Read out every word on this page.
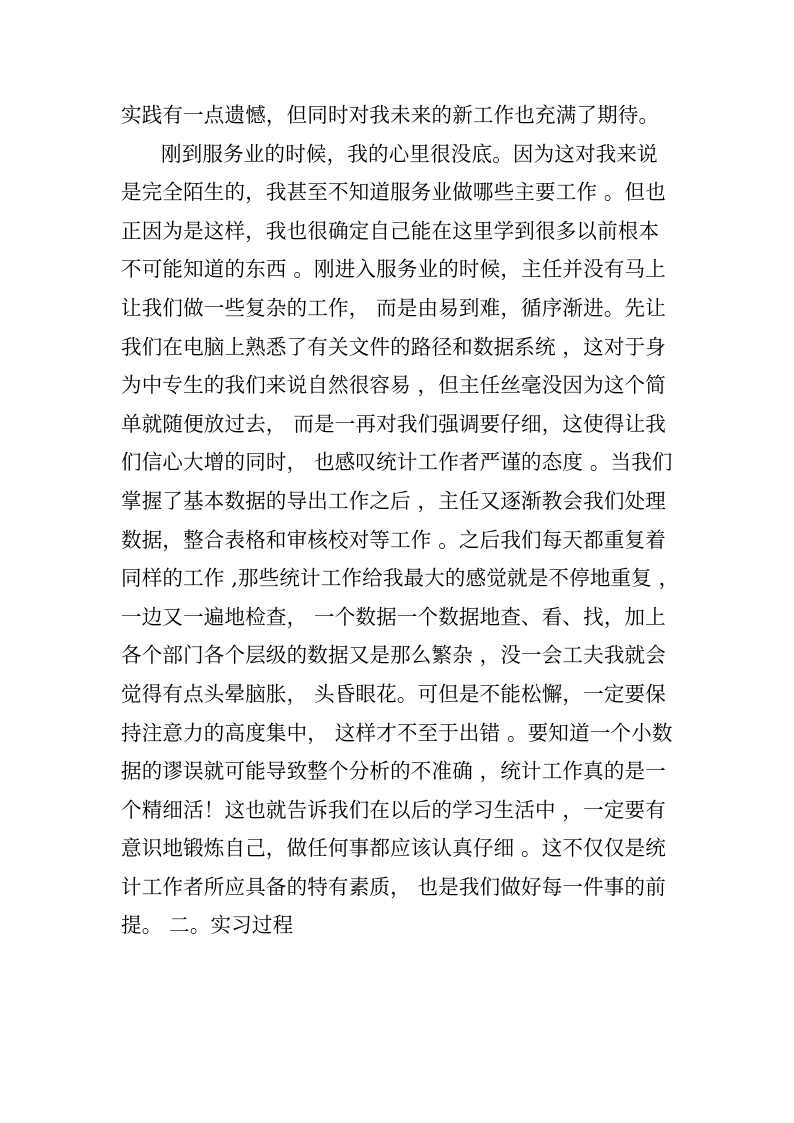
实践有一点遗憾，但同时对我未来的新工作也充满了期待。
刚到服务业的时候，我的心里很没底。因为这对我来说
是完全陌生的，我甚至不知道服务业做哪些主要工作 。但也
正因为是这样，我也很确定自己能在这里学到很多以前根本
不可能知道的东西 。刚进入服务业的时候，主任并没有马上
让我们做一些复杂的工作， 而是由易到难，循序渐进。先让
我们在电脑上熟悉了有关文件的路径和数据系统 ，这对于身
为中专生的我们来说自然很容易 ，但主任丝毫没因为这个简
单就随便放过去， 而是一再对我们强调要仔细，这使得让我
们信心大增的同时， 也感叹统计工作者严谨的态度 。当我们
掌握了基本数据的导出工作之后 ，主任又逐渐教会我们处理
数据，整合表格和审核校对等工作 。之后我们每天都重复着
同样的工作 ,那些统计工作给我最大的感觉就是不停地重复 ，
一边又一遍地检查， 一个数据一个数据地查、看、找，加上
各个部门各个层级的数据又是那么繁杂 ，没一会工夫我就会
觉得有点头晕脑胀， 头昏眼花。可但是不能松懈，一定要保
持注意力的高度集中， 这样才不至于出错 。要知道一个小数
据的谬误就可能导致整个分析的不准确 ，统计工作真的是一
个精细活！这也就告诉我们在以后的学习生活中 ，一定要有
意识地锻炼自己，做任何事都应该认真仔细 。这不仅仅是统
计工作者所应具备的特有素质， 也是我们做好每一件事的前
提。 二。实习过程
